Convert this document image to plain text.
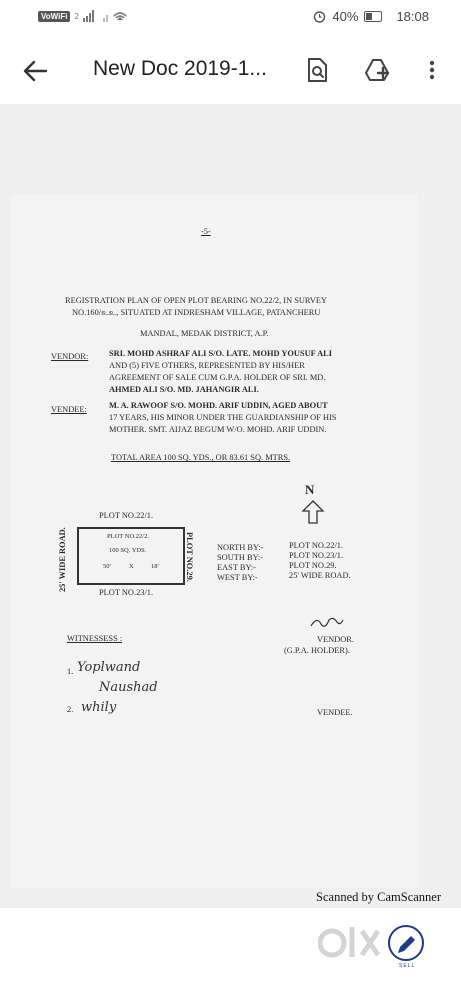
VoWiFi 2	40%	18:08
New Doc 2019-1...
-5-
REGISTRATION PLAN OF OPEN PLOT BEARING NO.22/2, IN SURVEY
NO.160/உஉ, SITUATED AT INDRESHAM VILLAGE, PATANCHERU
MANDAL, MEDAK DISTRICT, A.P.
VENDOR: SRI. MOHD ASHRAF ALI S/O. LATE. MOHD YOUSUF ALI
AND (5) FIVE OTHERS, REPRESENTED BY HIS/HER
AGREEMENT OF SALE CUM G.P.A. HOLDER OF SRI. MD.
AHMED ALI S/O. MD. JAHANGIR ALI.
VENDEE:	M. A. RAWOOF S/O. MOHD. ARIF UDDIN, AGED ABOUT
17 YEARS, HIS MINOR UNDER THE GUARDIANSHIP OF HIS
MOTHER. SMT. AIJAZ BEGUM W/O. MOHD. ARIF UDDIN.
TOTAL AREA 100 SQ. YDS., OR 83.61 SQ. MTRS.
N
PLOT NO.22/1.
PLOT NO.23/1.
25' WIDE ROAD.	PLOT NO.29.
PLOT NO.22/2.
100 SQ. YDS.
50'	X	18'
NORTH BY:-	PLOT NO.22/1.
SOUTH BY:-	PLOT NO.23/1.
EAST BY:-	PLOT NO.29.
WEST BY:-	25' WIDE ROAD.
WITNESSESS :
1. Yoplwand
Naushad
2. whily
VENDOR.
(G.P.A. HOLDER).
VENDEE.
Scanned by CamScanner
SELL
